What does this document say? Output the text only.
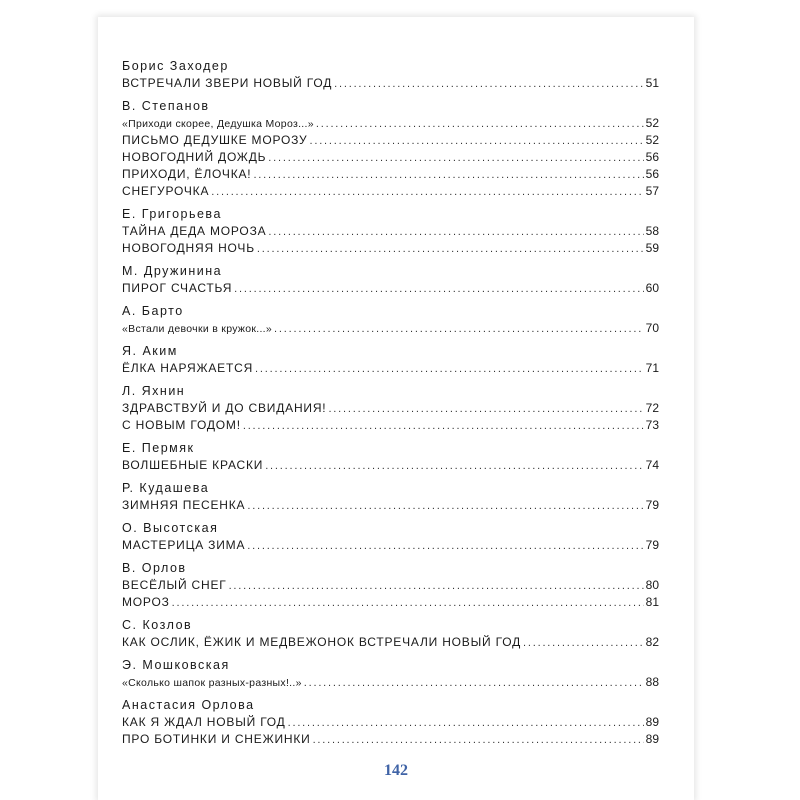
Борис Заходер
ВСТРЕЧАЛИ ЗВЕРИ НОВЫЙ ГОД .....	51
В. Степанов
«Приходи скорее, Дедушка Мороз...» .....	52
ПИСЬМО ДЕДУШКЕ МОРОЗУ .....	52
НОВОГОДНИЙ ДОЖДЬ .....	56
ПРИХОДИ, ЁЛОЧКА! .....	56
СНЕГУРОЧКА .....	57
Е. Григорьева
ТАЙНА ДЕДА МОРОЗА .....	58
НОВОГОДНЯЯ НОЧЬ .....	59
М. Дружинина
ПИРОГ СЧАСТЬЯ .....	60
А. Барто
«Встали девочки в кружок...» .....	70
Я. Аким
ЁЛКА НАРЯЖАЕТСЯ .....	71
Л. Яхнин
ЗДРАВСТВУЙ И ДО СВИДАНИЯ! .....	72
С НОВЫМ ГОДОМ! .....	73
Е. Пермяк
ВОЛШЕБНЫЕ КРАСКИ .....	74
Р. Кудашева
ЗИМНЯЯ ПЕСЕНКА .....	79
О. Высотская
МАСТЕРИЦА ЗИМА .....	79
В. Орлов
ВЕСЁЛЫЙ СНЕГ .....	80
МОРОЗ .....	81
С. Козлов
КАК ОСЛИК, ЁЖИК И МЕДВЕЖОНОК ВСТРЕЧАЛИ НОВЫЙ ГОД .....	82
Э. Мошковская
«Сколько шапок разных-разных!..» .....	88
Анастасия Орлова
КАК Я ЖДАЛ НОВЫЙ ГОД .....	89
ПРО БОТИНКИ И СНЕЖИНКИ .....	89
142
